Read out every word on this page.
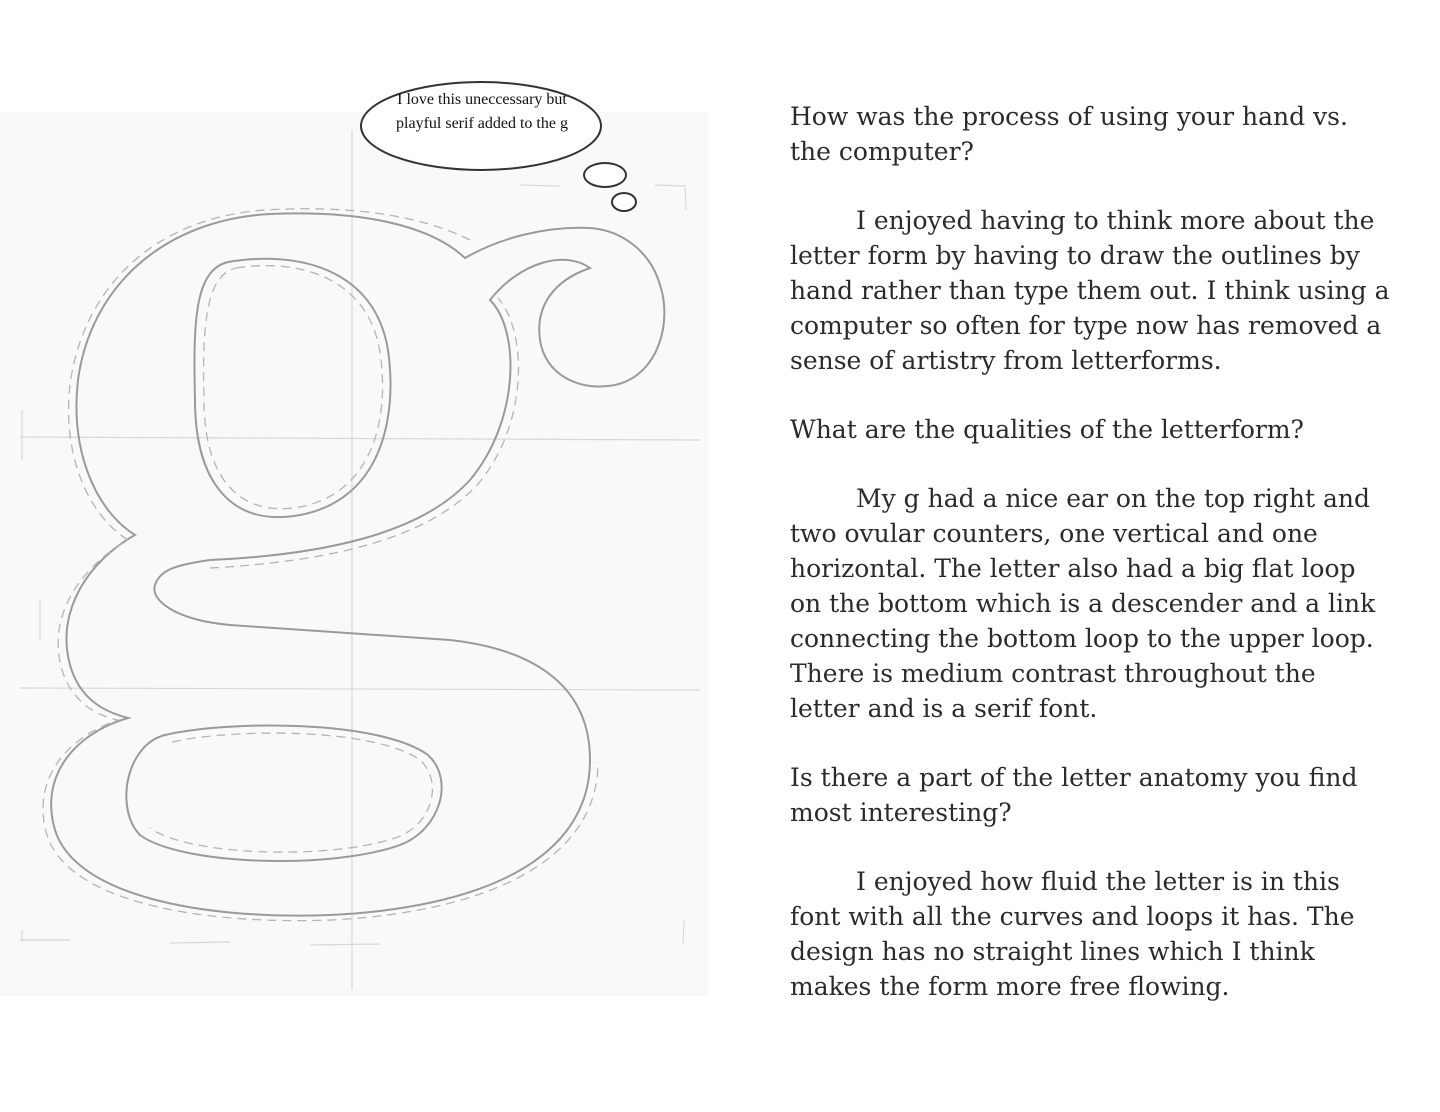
I love this uneccessary but playful serif added to the g	How was the process of using your hand vs. the computer?

I enjoyed having to think more about the letter form by having to draw the outlines by hand rather than type them out. I think using a computer so often for type now has removed a sense of artistry from letterforms.

What are the qualities of the letterform?

My g had a nice ear on the top right and two ovular counters, one vertical and one horizontal. The letter also had a big flat loop on the bottom which is a descender and a link connecting the bottom loop to the upper loop. There is medium contrast throughout the letter and is a serif font.

Is there a part of the letter anatomy you find most interesting?

I enjoyed how fluid the letter is in this font with all the curves and loops it has. The design has no straight lines which I think makes the form more free flowing.
